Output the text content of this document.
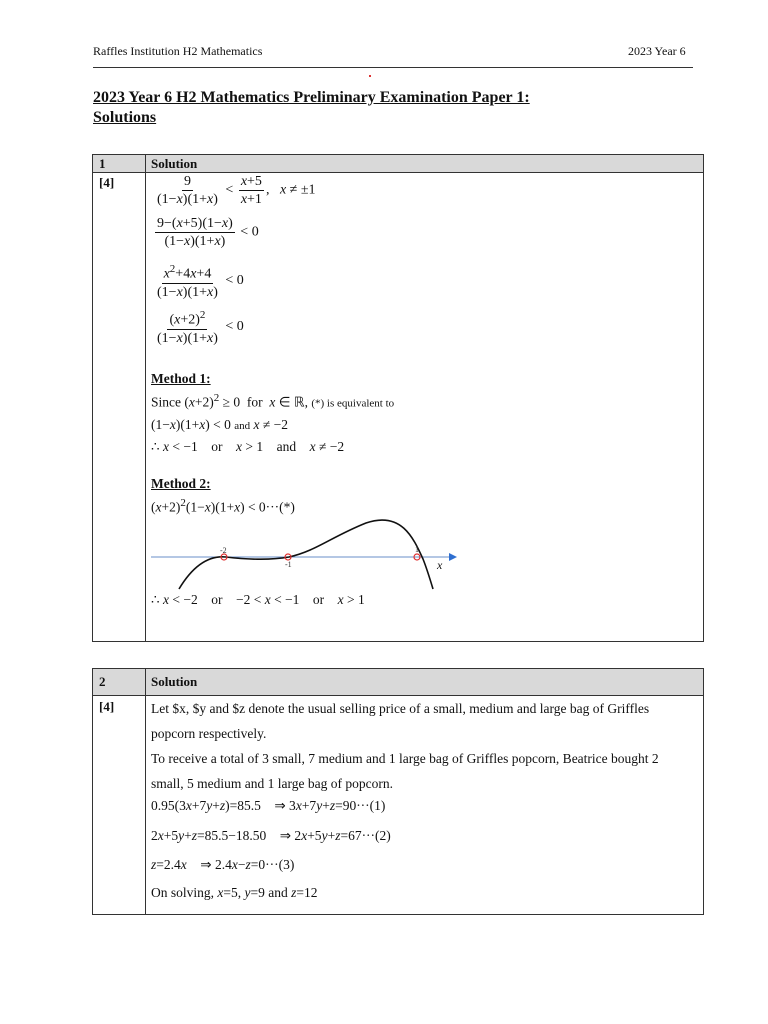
Raffles Institution H2 Mathematics	2023 Year 6
2023 Year 6 H2 Mathematics Preliminary Examination Paper 1:
Solutions
1	Solution
[4]	$\frac{9}{(1-x)(1+x)} < \frac{x+5}{x+1}$ ,   x ≠ ±1
$\frac{9-(x+5)(1-x)}{(1-x)(1+x)} < 0$
$\frac{x^2+4x+4}{(1-x)(1+x)} < 0$
$\frac{(x+2)^2}{(1-x)(1+x)} < 0$
Method 1:
Since $(x+2)^2 \ge 0$  for x ∈ ℝ, (*) is equivalent to
(1−x)(1+x) < 0 and x ≠ −2
∴ x < −1    or x > 1    and x ≠ −2
Method 2:
$(x+2)^2(1-x)(1+x) < 0\cdot\cdot\cdot(*)$
-2
-1
1
x
∴ x < −2    or    −2 < x < −1    or x > 1
2	Solution
[4]	Let $x, $y and $z denote the usual selling price of a small, medium and large bag of Griffles popcorn respectively.
To receive a total of 3 small, 7 medium and 1 large bag of Griffles popcorn, Beatrice bought 2 small, 5 medium and 1 large bag of popcorn.
0.95(3x+7y+z)=85.5    ⇒ 3x+7y+z=90···(1)
2x+5y+z=85.5−18.50    ⇒ 2x+5y+z=67···(2)
z=2.4x    ⇒ 2.4x−z=0···(3)
On solving, x=5, y=9 and z=12
